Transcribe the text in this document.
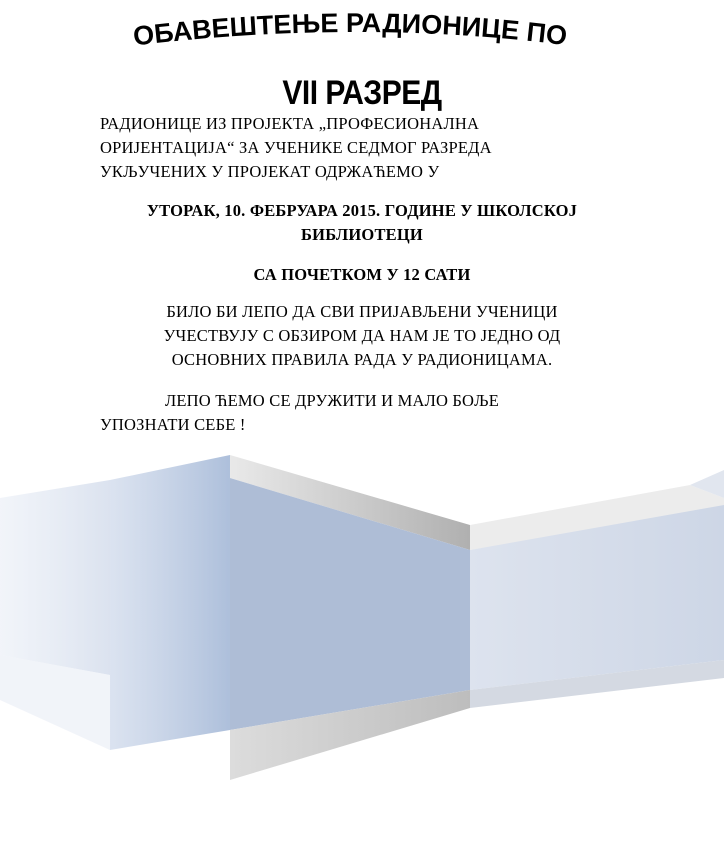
ОБАВЕШТЕЊЕ РАДИОНИЦЕ ПО
VII РАЗРЕД
РАДИОНИЦЕ ИЗ ПРОЈЕКТА „ПРОФЕСИОНАЛНА
ОРИЈЕНТАЦИЈА“ ЗА УЧЕНИКЕ СЕДМОГ РАЗРЕДА
УКЉУЧЕНИХ У ПРОЈЕКАТ ОДРЖАЋЕМО У
УТОРАК, 10. ФЕБРУАРА 2015. ГОДИНЕ У ШКОЛСКОЈ
БИБЛИОТЕЦИ
СА ПОЧЕТКОМ У 12 САТИ
БИЛО БИ ЛЕПО ДА СВИ ПРИЈАВЉЕНИ УЧЕНИЦИ
УЧЕСТВУЈУ С ОБЗИРОМ ДА НАМ ЈЕ ТО ЈЕДНО ОД
ОСНОВНИХ ПРАВИЛА РАДА У РАДИОНИЦАМА.
ЛЕПО ЋЕМО СЕ ДРУЖИТИ И МАЛО БОЉЕ
УПОЗНАТИ СЕБЕ !
